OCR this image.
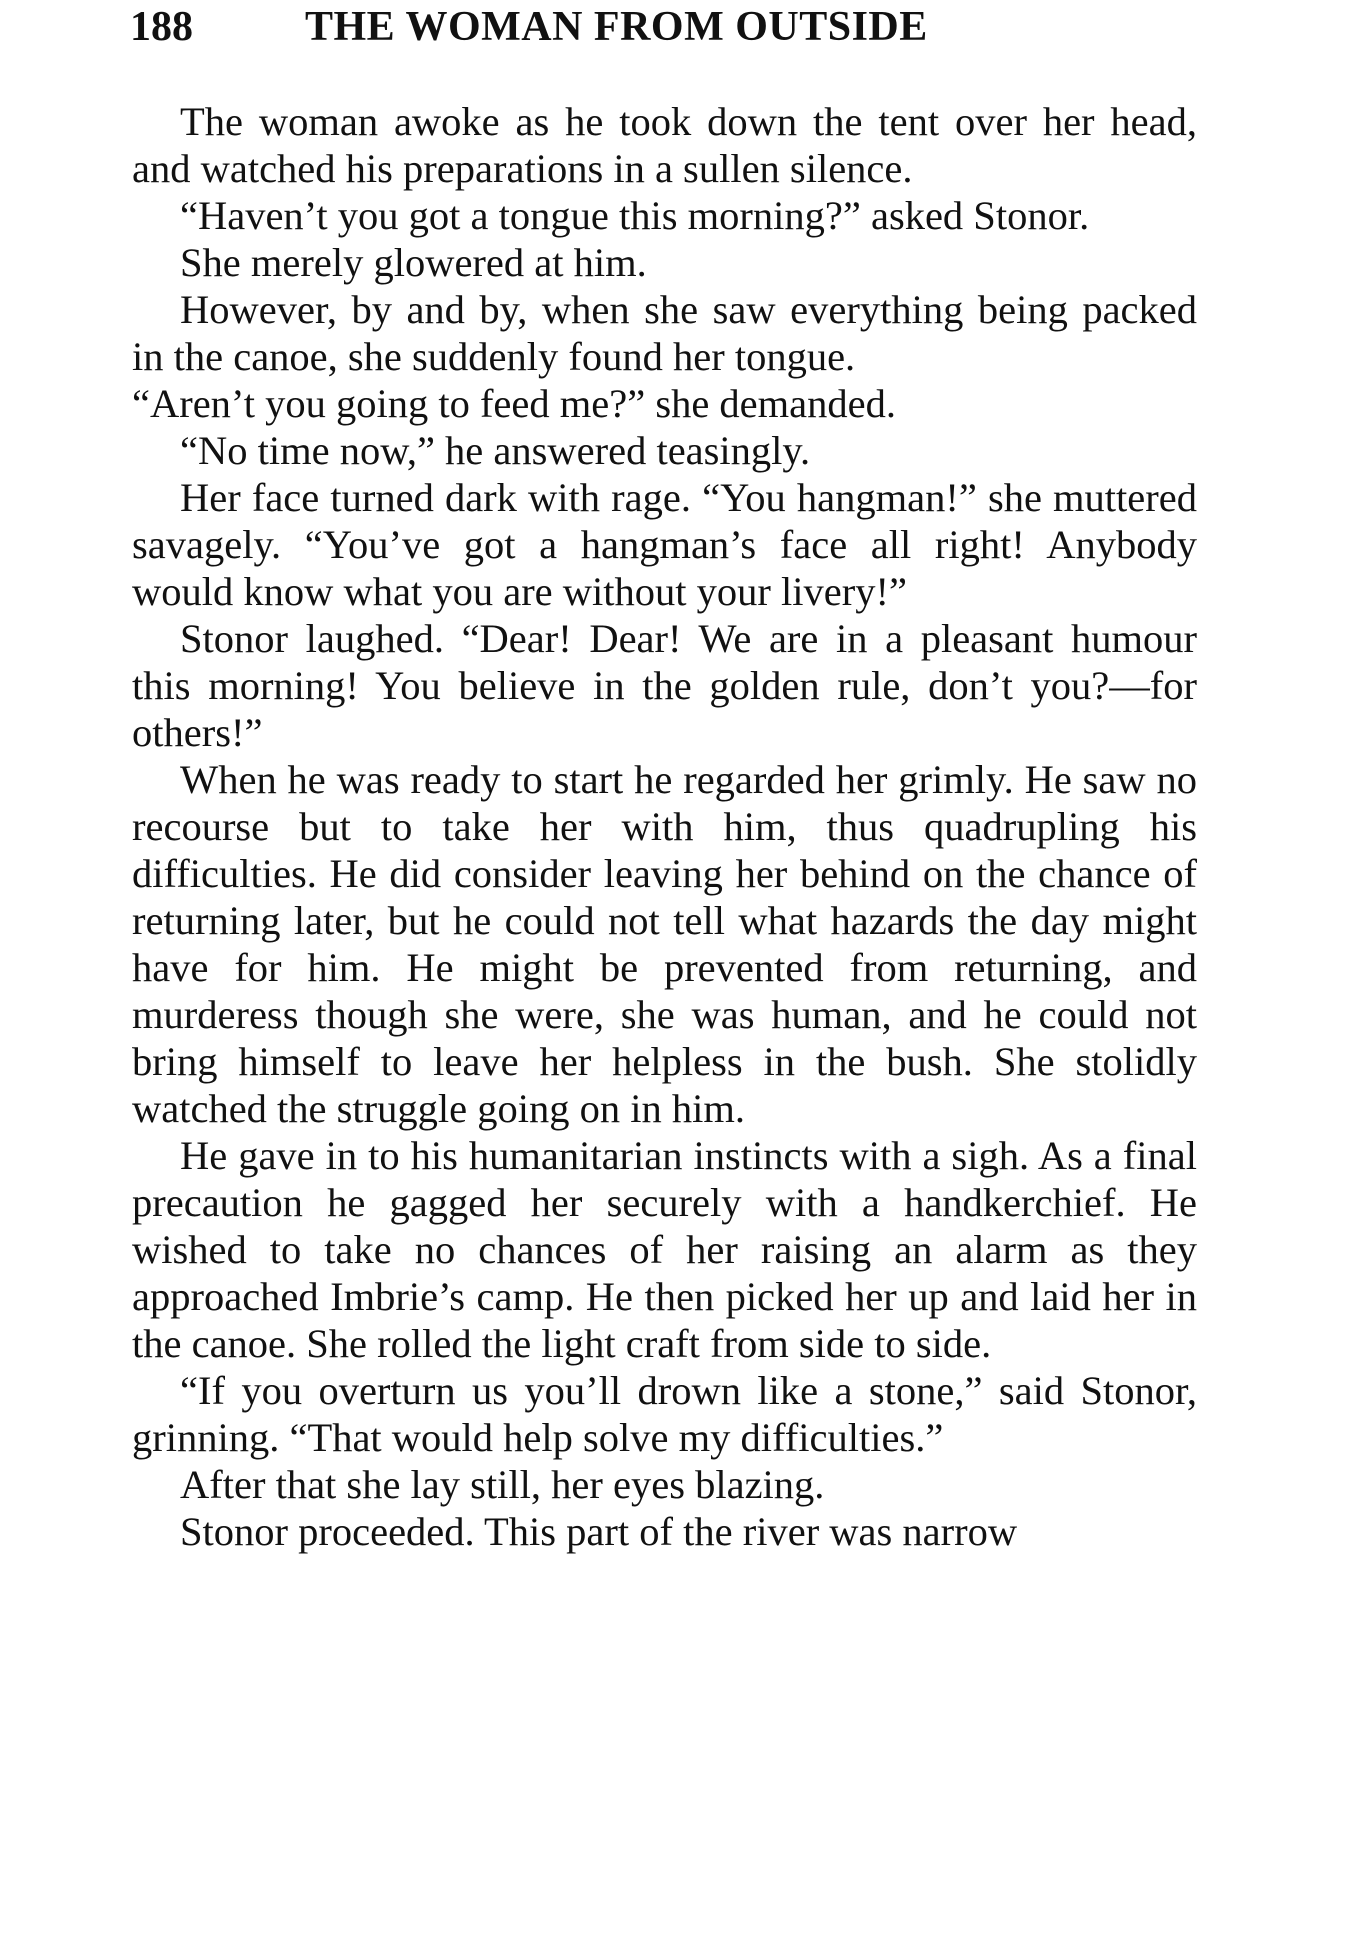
188	THE WOMAN FROM OUTSIDE

The woman awoke as he took down the tent over her head, and watched his preparations in a sullen silence.

“Haven’t you got a tongue this morning?” asked Stonor.

She merely glowered at him.

However, by and by, when she saw everything being packed in the canoe, she suddenly found her tongue.

“Aren’t you going to feed me?” she demanded.

“No time now,” he answered teasingly.

Her face turned dark with rage. “You hangman!” she muttered savagely. “You’ve got a hangman’s face all right! Anybody would know what you are without your livery!”

Stonor laughed. “Dear! Dear! We are in a pleasant humour this morning! You believe in the golden rule, don’t you?—for others!”

When he was ready to start he regarded her grimly. He saw no recourse but to take her with him, thus quadrupling his difficulties. He did consider leaving her behind on the chance of returning later, but he could not tell what hazards the day might have for him. He might be prevented from returning, and murderess though she were, she was human, and he could not bring himself to leave her helpless in the bush. She stolidly watched the struggle going on in him.

He gave in to his humanitarian instincts with a sigh. As a final precaution he gagged her securely with a handkerchief. He wished to take no chances of her raising an alarm as they approached Imbrie’s camp. He then picked her up and laid her in the canoe. She rolled the light craft from side to side.

“If you overturn us you’ll drown like a stone,” said Stonor, grinning. “That would help solve my difficulties.”

After that she lay still, her eyes blazing.

Stonor proceeded. This part of the river was narrow
